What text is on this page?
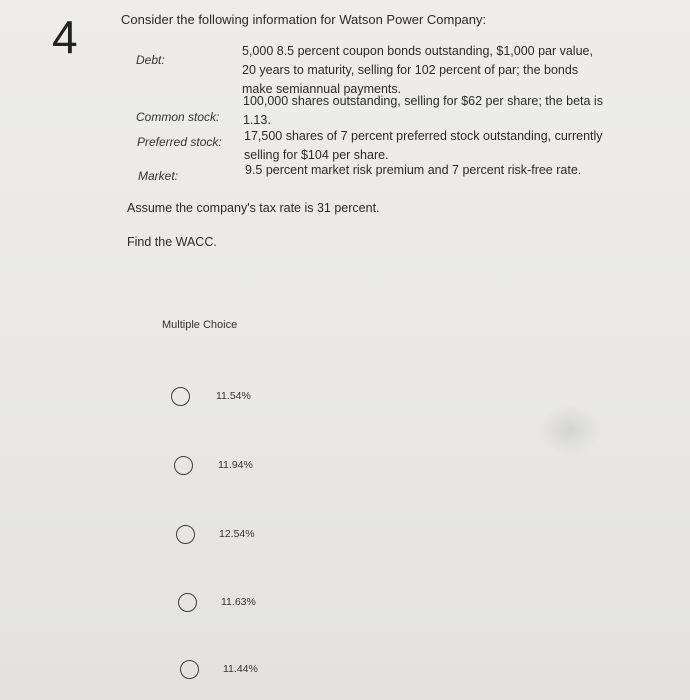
4	Consider the following information for Watson Power Company:
Debt:
5,000 8.5 percent coupon bonds outstanding, $1,000 par value,
20 years to maturity, selling for 102 percent of par; the bonds
make semiannual payments.
Common stock:
100,000 shares outstanding, selling for $62 per share; the beta is
1.13.
Preferred stock: 17,500 shares of 7 percent preferred stock outstanding, currently
selling for $104 per share.
Market:	9.5 percent market risk premium and 7 percent risk-free rate.
Assume the company's tax rate is 31 percent.
Find the WACC.
Multiple Choice
11.54%
11.94%
12.54%
11.63%
11.44%
